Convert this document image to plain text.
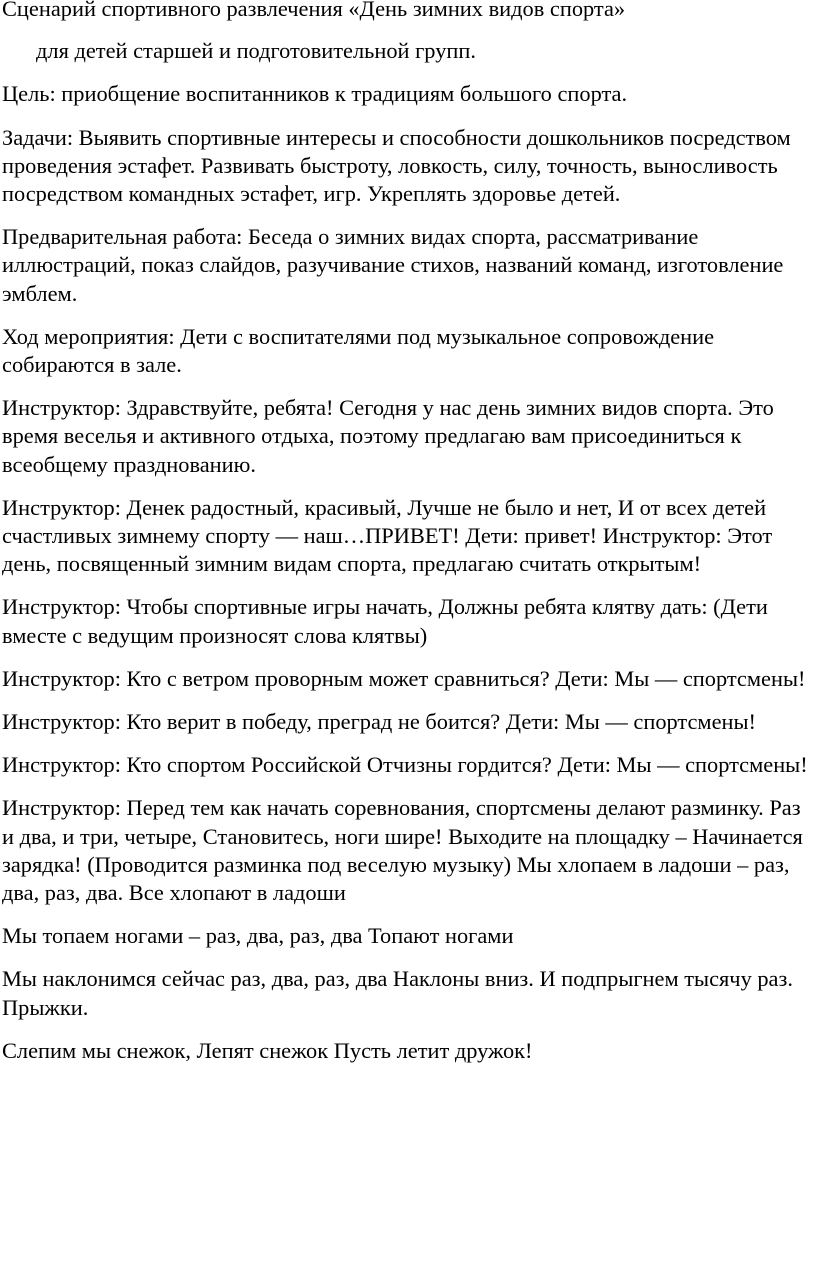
Сценарий спортивного развлечения «День зимних видов спорта»

для детей старшей и подготовительной групп.

Цель: приобщение воспитанников к традициям большого спорта.

Задачи: Выявить спортивные интересы и способности дошкольников посредством проведения эстафет. Развивать быстроту, ловкость, силу, точность, выносливость посредством командных эстафет, игр. Укреплять здоровье детей.

Предварительная работа: Беседа о зимних видах спорта, рассматривание иллюстраций, показ слайдов, разучивание стихов, названий команд, изготовление эмблем.

Ход мероприятия: Дети с воспитателями под музыкальное сопровождение собираются в зале.

Инструктор: Здравствуйте, ребята! Сегодня у нас день зимних видов спорта. Это время веселья и активного отдыха, поэтому предлагаю вам присоединиться к всеобщему празднованию.

Инструктор: Денек радостный, красивый, Лучше не было и нет, И от всех детей счастливых зимнему спорту — наш…ПРИВЕТ! Дети: привет! Инструктор: Этот день, посвященный зимним видам спорта, предлагаю считать открытым!

Инструктор: Чтобы спортивные игры начать, Должны ребята клятву дать: (Дети вместе с ведущим произносят слова клятвы)

Инструктор: Кто с ветром проворным может сравниться? Дети: Мы — спортсмены!

Инструктор: Кто верит в победу, преград не боится? Дети: Мы — спортсмены!

Инструктор: Кто спортом Российской Отчизны гордится? Дети: Мы — спортсмены!

Инструктор: Перед тем как начать соревнования, спортсмены делают разминку. Раз и два, и три, четыре, Становитесь, ноги шире! Выходите на площадку – Начинается зарядка! (Проводится разминка под веселую музыку) Мы хлопаем в ладоши – раз, два, раз, два. Все хлопают в ладоши

Мы топаем ногами – раз, два, раз, два Топают ногами

Мы наклонимся сейчас раз, два, раз, два Наклоны вниз. И подпрыгнем тысячу раз. Прыжки.

Слепим мы снежок, Лепят снежок Пусть летит дружок!
